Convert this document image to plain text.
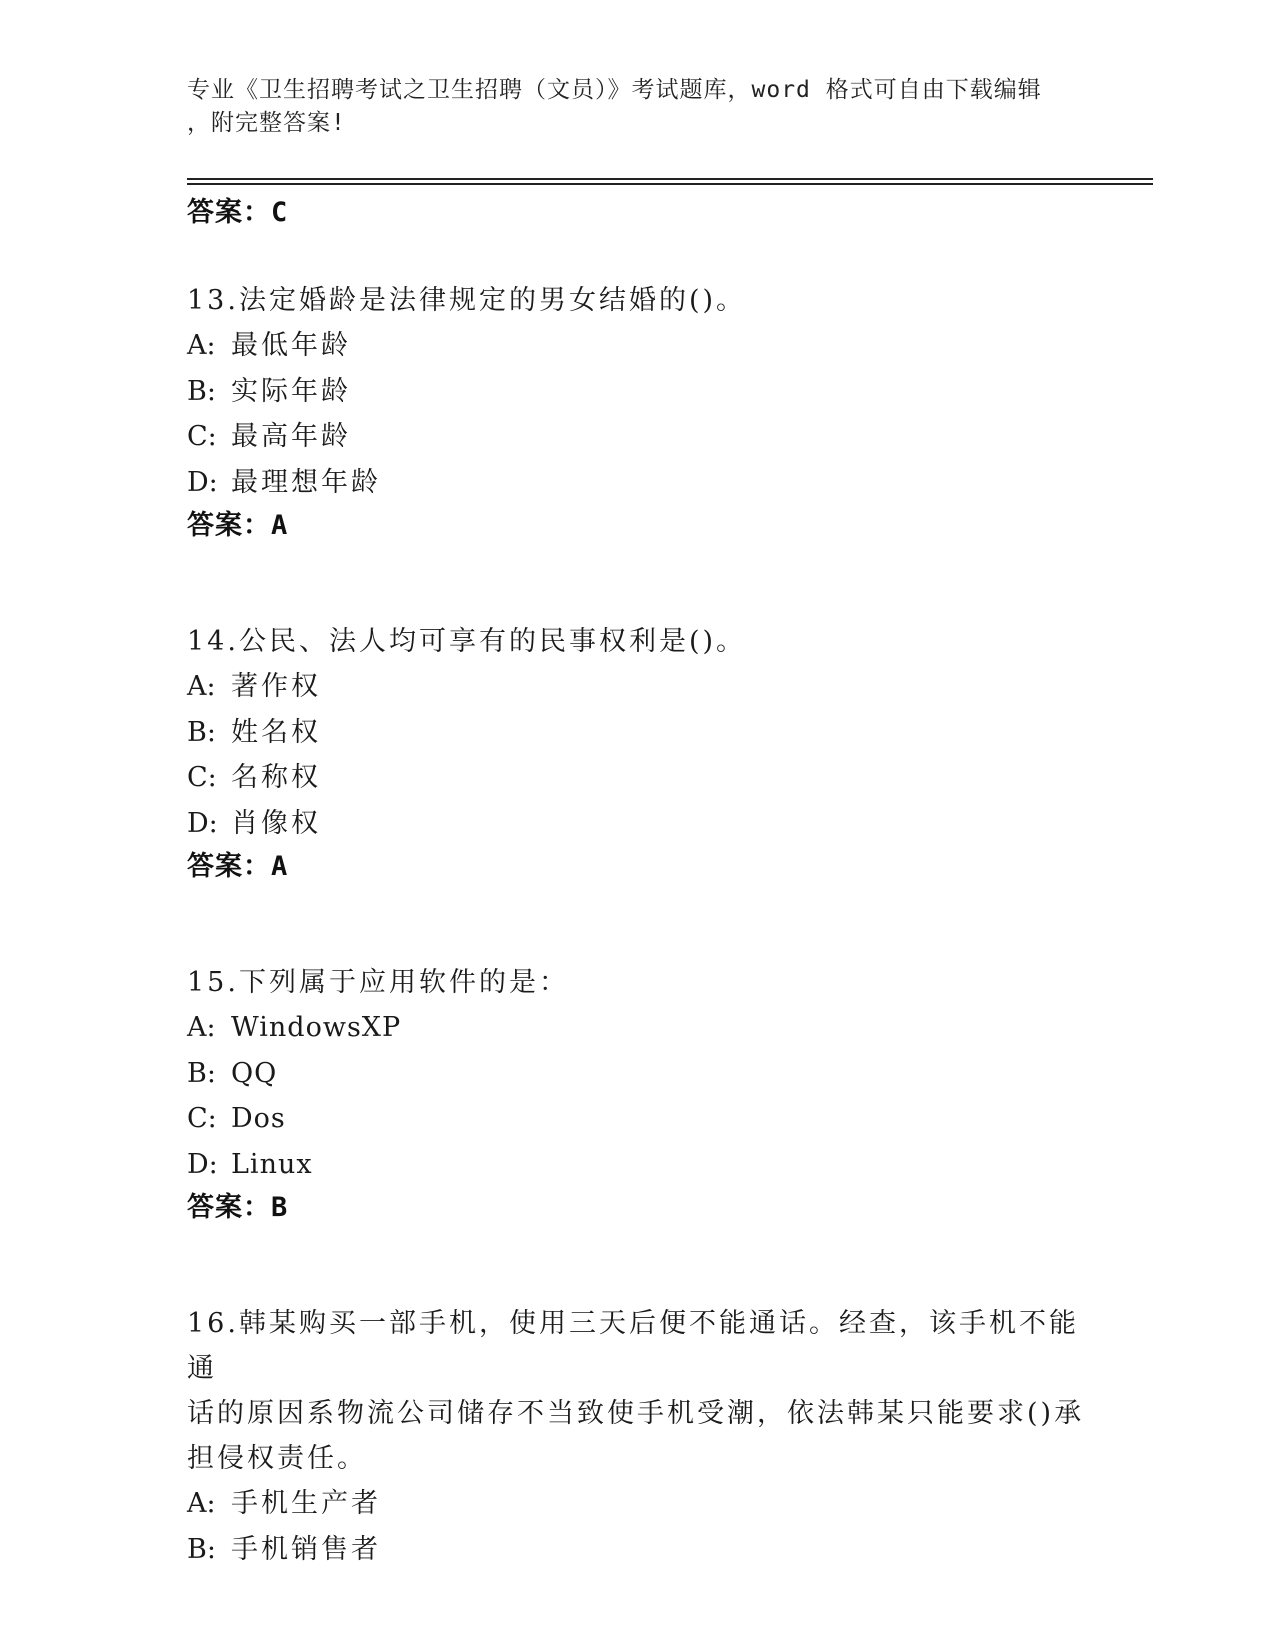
专业《卫生招聘考试之卫生招聘（文员）》考试题库，word 格式可自由下载编辑
，附完整答案!
答案：C

13.法定婚龄是法律规定的男女结婚的()。

A: 最低年龄

B: 实际年龄

C: 最高年龄

D: 最理想年龄

答案：A

14.公民、法人均可享有的民事权利是()。

A: 著作权

B: 姓名权

C: 名称权

D: 肖像权

答案：A

15.下列属于应用软件的是：

A: WindowsXP

B: QQ

C: Dos

D: Linux

答案：B

16.韩某购买一部手机，使用三天后便不能通话。经查，该手机不能通

话的原因系物流公司储存不当致使手机受潮，依法韩某只能要求()承

担侵权责任。

A: 手机生产者

B: 手机销售者
